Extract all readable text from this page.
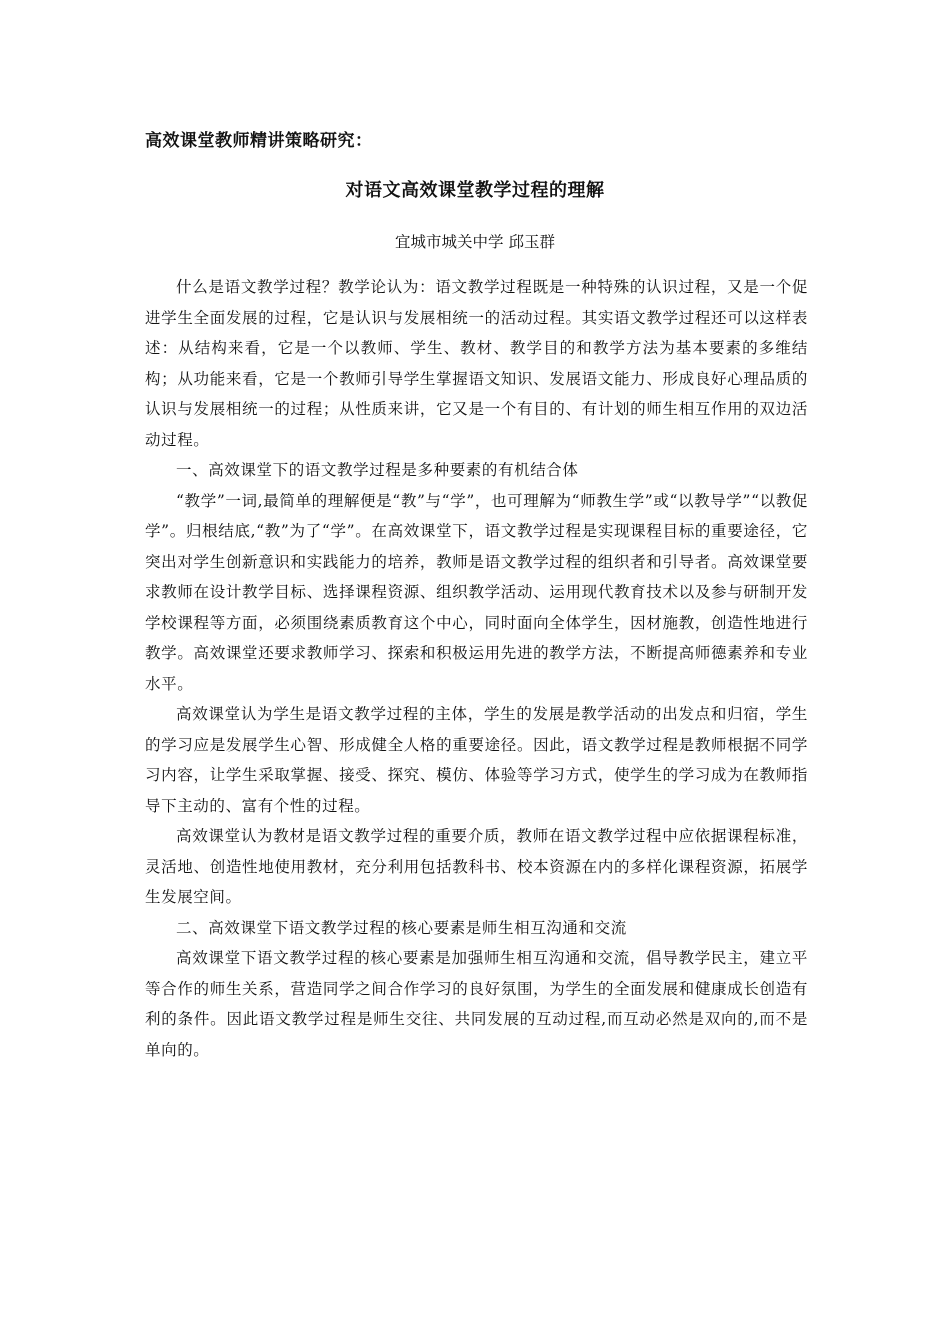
高效课堂教师精讲策略研究：
对语文高效课堂教学过程的理解
宜城市城关中学 邱玉群

什么是语文教学过程？教学论认为：语文教学过程既是一种特殊的认识过程，又是一个促进学生全面发展的过程，它是认识与发展相统一的活动过程。其实语文教学过程还可以这样表述：从结构来看，它是一个以教师、学生、教材、教学目的和教学方法为基本要素的多维结构；从功能来看，它是一个教师引导学生掌握语文知识、发展语文能力、形成良好心理品质的认识与发展相统一的过程；从性质来讲，它又是一个有目的、有计划的师生相互作用的双边活动过程。

一、高效课堂下的语文教学过程是多种要素的有机结合体

“教学”一词,最简单的理解便是“教”与“学”，也可理解为“师教生学”或“以教导学”“以教促学”。归根结底,“教”为了“学”。在高效课堂下，语文教学过程是实现课程目标的重要途径，它突出对学生创新意识和实践能力的培养，教师是语文教学过程的组织者和引导者。高效课堂要求教师在设计教学目标、选择课程资源、组织教学活动、运用现代教育技术以及参与研制开发学校课程等方面，必须围绕素质教育这个中心，同时面向全体学生，因材施教，创造性地进行教学。高效课堂还要求教师学习、探索和积极运用先进的教学方法，不断提高师德素养和专业水平。

高效课堂认为学生是语文教学过程的主体，学生的发展是教学活动的出发点和归宿，学生的学习应是发展学生心智、形成健全人格的重要途径。因此，语文教学过程是教师根据不同学习内容，让学生采取掌握、接受、探究、模仿、体验等学习方式，使学生的学习成为在教师指导下主动的、富有个性的过程。

高效课堂认为教材是语文教学过程的重要介质，教师在语文教学过程中应依据课程标准，灵活地、创造性地使用教材，充分利用包括教科书、校本资源在内的多样化课程资源，拓展学生发展空间。

二、高效课堂下语文教学过程的核心要素是师生相互沟通和交流

高效课堂下语文教学过程的核心要素是加强师生相互沟通和交流，倡导教学民主，建立平等合作的师生关系，营造同学之间合作学习的良好氛围，为学生的全面发展和健康成长创造有利的条件。因此语文教学过程是师生交往、共同发展的互动过程,而互动必然是双向的,而不是单向的。
